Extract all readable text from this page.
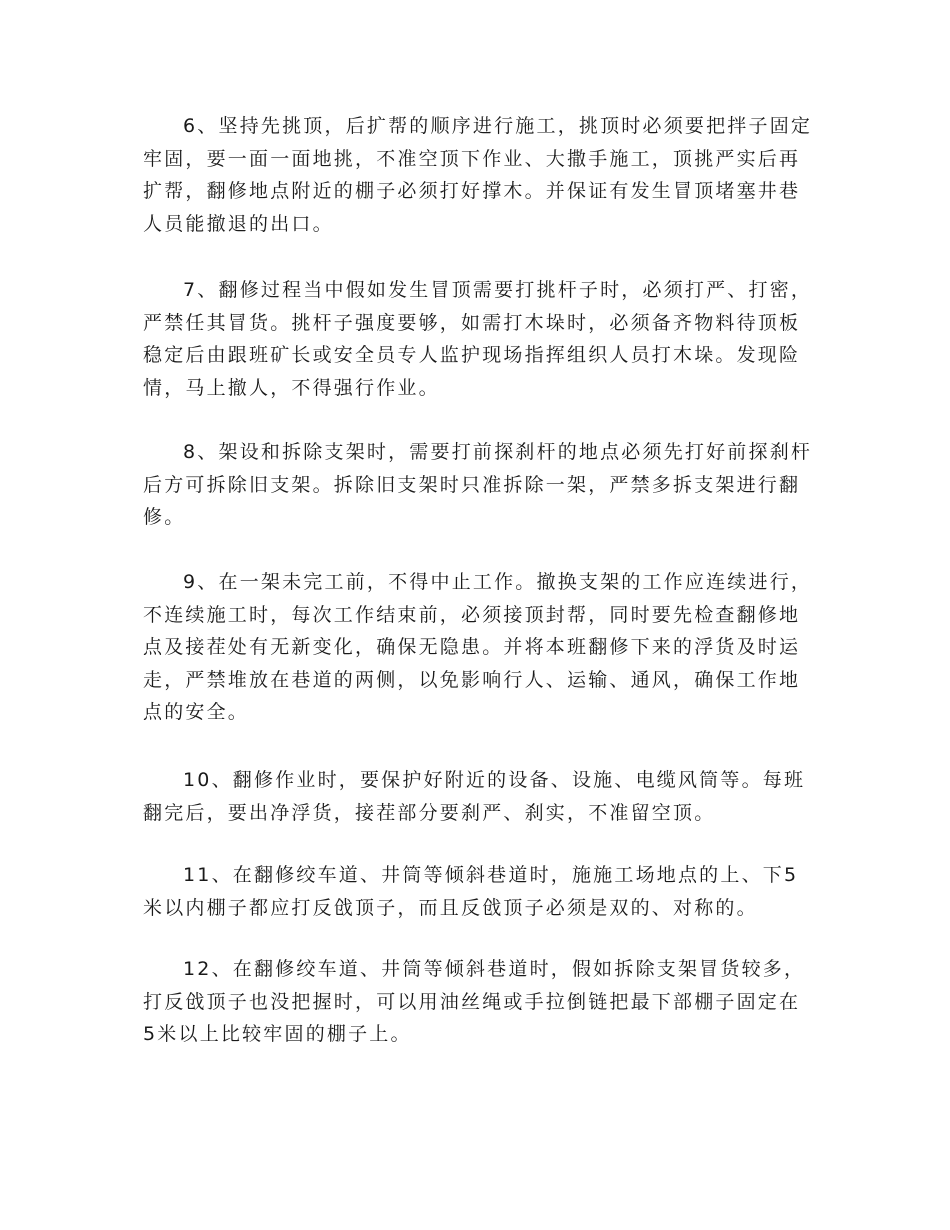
6、坚持先挑顶，后扩帮的顺序进行施工，挑顶时必须要把拌子固定牢固，要一面一面地挑，不准空顶下作业、大撒手施工，顶挑严实后再扩帮，翻修地点附近的棚子必须打好撑木。并保证有发生冒顶堵塞井巷人员能撤退的出口。

7、翻修过程当中假如发生冒顶需要打挑杆子时，必须打严、打密，严禁任其冒货。挑杆子强度要够，如需打木垛时，必须备齐物料待顶板稳定后由跟班矿长或安全员专人监护现场指挥组织人员打木垛。发现险情，马上撤人，不得强行作业。

8、架设和拆除支架时，需要打前探刹杆的地点必须先打好前探刹杆后方可拆除旧支架。拆除旧支架时只准拆除一架，严禁多拆支架进行翻修。

9、在一架未完工前，不得中止工作。撤换支架的工作应连续进行，不连续施工时，每次工作结束前，必须接顶封帮，同时要先检查翻修地点及接茬处有无新变化，确保无隐患。并将本班翻修下来的浮货及时运走，严禁堆放在巷道的两侧，以免影响行人、运输、通风，确保工作地点的安全。

10、翻修作业时，要保护好附近的设备、设施、电缆风筒等。每班翻完后，要出净浮货，接茬部分要刹严、刹实，不准留空顶。

11、在翻修绞车道、井筒等倾斜巷道时，施施工场地点的上、下5米以内棚子都应打反戗顶子，而且反戗顶子必须是双的、对称的。

12、在翻修绞车道、井筒等倾斜巷道时，假如拆除支架冒货较多，打反戗顶子也没把握时，可以用油丝绳或手拉倒链把最下部棚子固定在5米以上比较牢固的棚子上。
